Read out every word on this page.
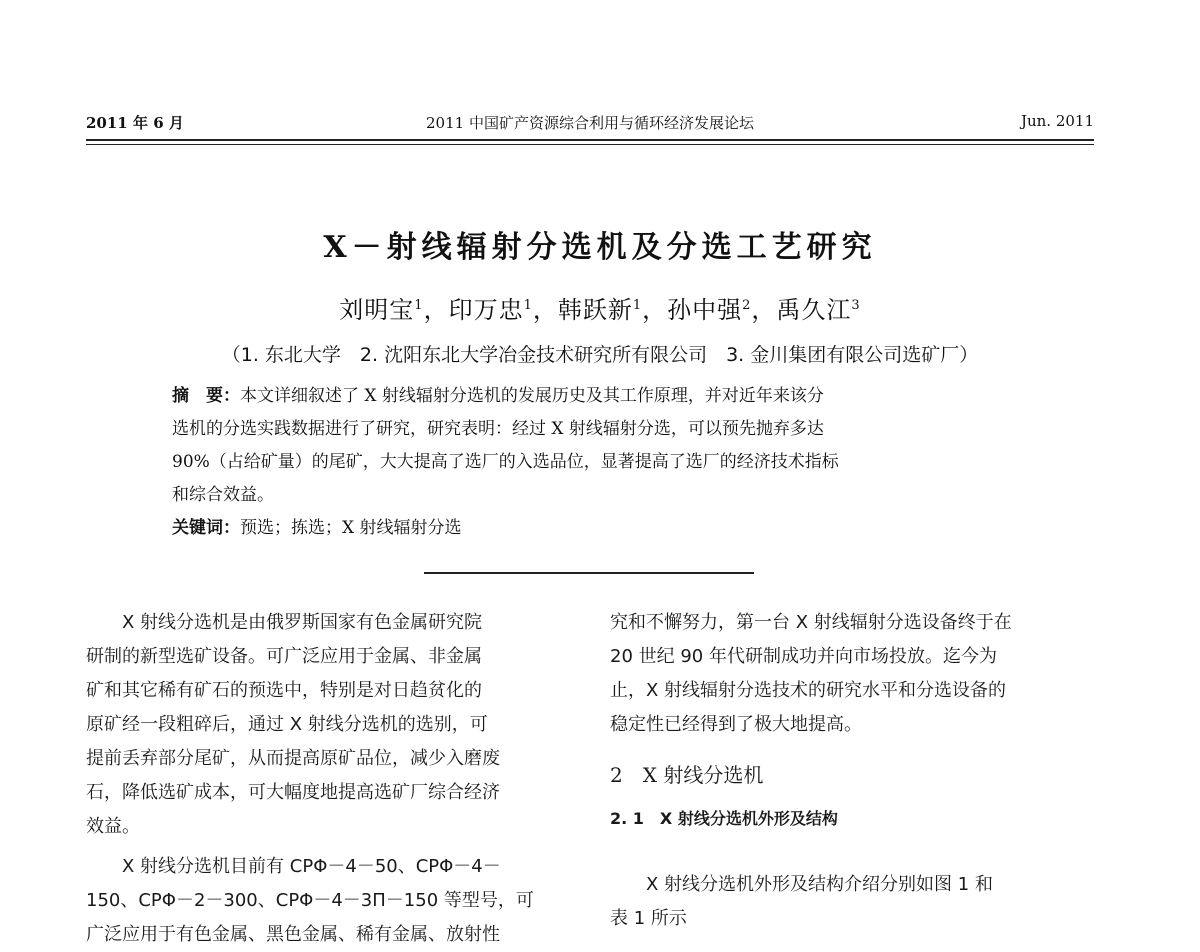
2011 年 6 月	2011 中国矿产资源综合利用与循环经济发展论坛	Jun. 2011
X－射线辐射分选机及分选工艺研究
刘明宝$^1$，印万忠$^1$，韩跃新$^1$，孙中强$^2$，禹久江$^3$
（1. 东北大学　2. 沈阳东北大学冶金技术研究所有限公司　3. 金川集团有限公司选矿厂）
摘　要：本文详细叙述了 X 射线辐射分选机的发展历史及其工作原理，并对近年来该分
选机的分选实践数据进行了研究，研究表明：经过 X 射线辐射分选，可以预先抛弃多达
90%（占给矿量）的尾矿，大大提高了选厂的入选品位，显著提高了选厂的经济技术指标
和综合效益。
关键词：预选；拣选；X 射线辐射分选
X 射线分选机是由俄罗斯国家有色金属研究院
研制的新型选矿设备。可广泛应用于金属、非金属
矿和其它稀有矿石的预选中，特别是对日趋贫化的
原矿经一段粗碎后，通过 X 射线分选机的选别，可
提前丢弃部分尾矿，从而提高原矿品位，减少入磨废
石，降低选矿成本，可大幅度地提高选矿厂综合经济
效益。
X 射线分选机目前有 CPΦ－4－50、CPΦ－4－
150、CPΦ－2－300、CPΦ－4－3Π－150 等型号，可
广泛应用于有色金属、黑色金属、稀有金属、放射性
究和不懈努力，第一台 X 射线辐射分选设备终于在
20 世纪 90 年代研制成功并向市场投放。迄今为
止，X 射线辐射分选技术的研究水平和分选设备的
稳定性已经得到了极大地提高。
2　X 射线分选机
2. 1　X 射线分选机外形及结构
X 射线分选机外形及结构介绍分别如图 1 和
表 1 所示
